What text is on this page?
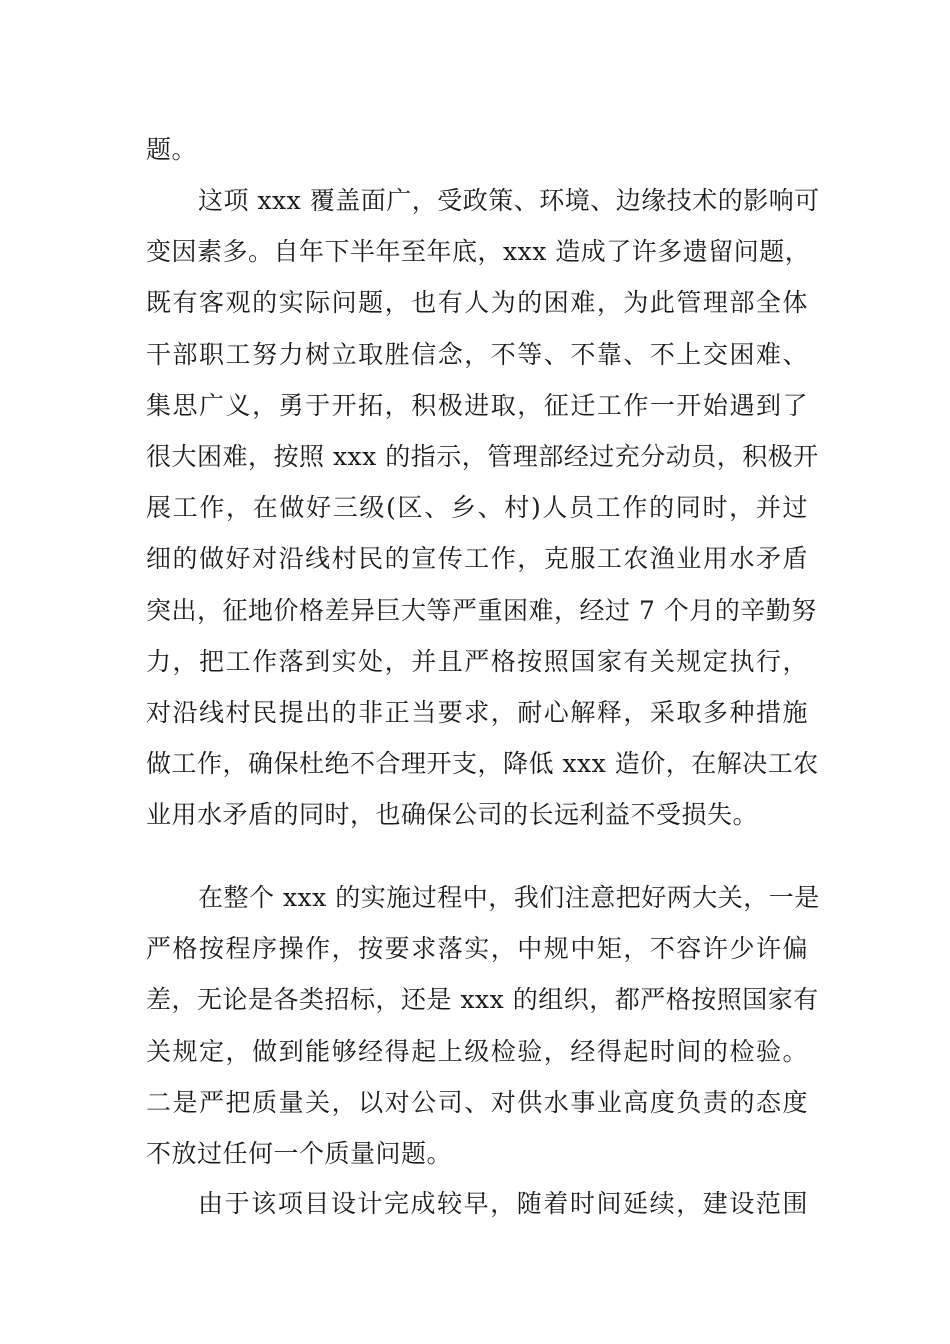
题。
这项 xxx 覆盖面广，受政策、环境、边缘技术的影响可
变因素多。自年下半年至年底，xxx 造成了许多遗留问题，
既有客观的实际问题，也有人为的困难，为此管理部全体
干部职工努力树立取胜信念，不等、不靠、不上交困难、
集思广义，勇于开拓，积极进取，征迁工作一开始遇到了
很大困难，按照 xxx 的指示，管理部经过充分动员，积极开
展工作，在做好三级(区、乡、村)人员工作的同时，并过
细的做好对沿线村民的宣传工作，克服工农渔业用水矛盾
突出，征地价格差异巨大等严重困难，经过 7 个月的辛勤努
力，把工作落到实处，并且严格按照国家有关规定执行，
对沿线村民提出的非正当要求，耐心解释，采取多种措施
做工作，确保杜绝不合理开支，降低 xxx 造价，在解决工农
业用水矛盾的同时，也确保公司的长远利益不受损失。
在整个 xxx 的实施过程中，我们注意把好两大关，一是
严格按程序操作，按要求落实，中规中矩，不容许少许偏
差，无论是各类招标，还是 xxx 的组织，都严格按照国家有
关规定，做到能够经得起上级检验，经得起时间的检验。
二是严把质量关，以对公司、对供水事业高度负责的态度
不放过任何一个质量问题。
由于该项目设计完成较早，随着时间延续，建设范围
